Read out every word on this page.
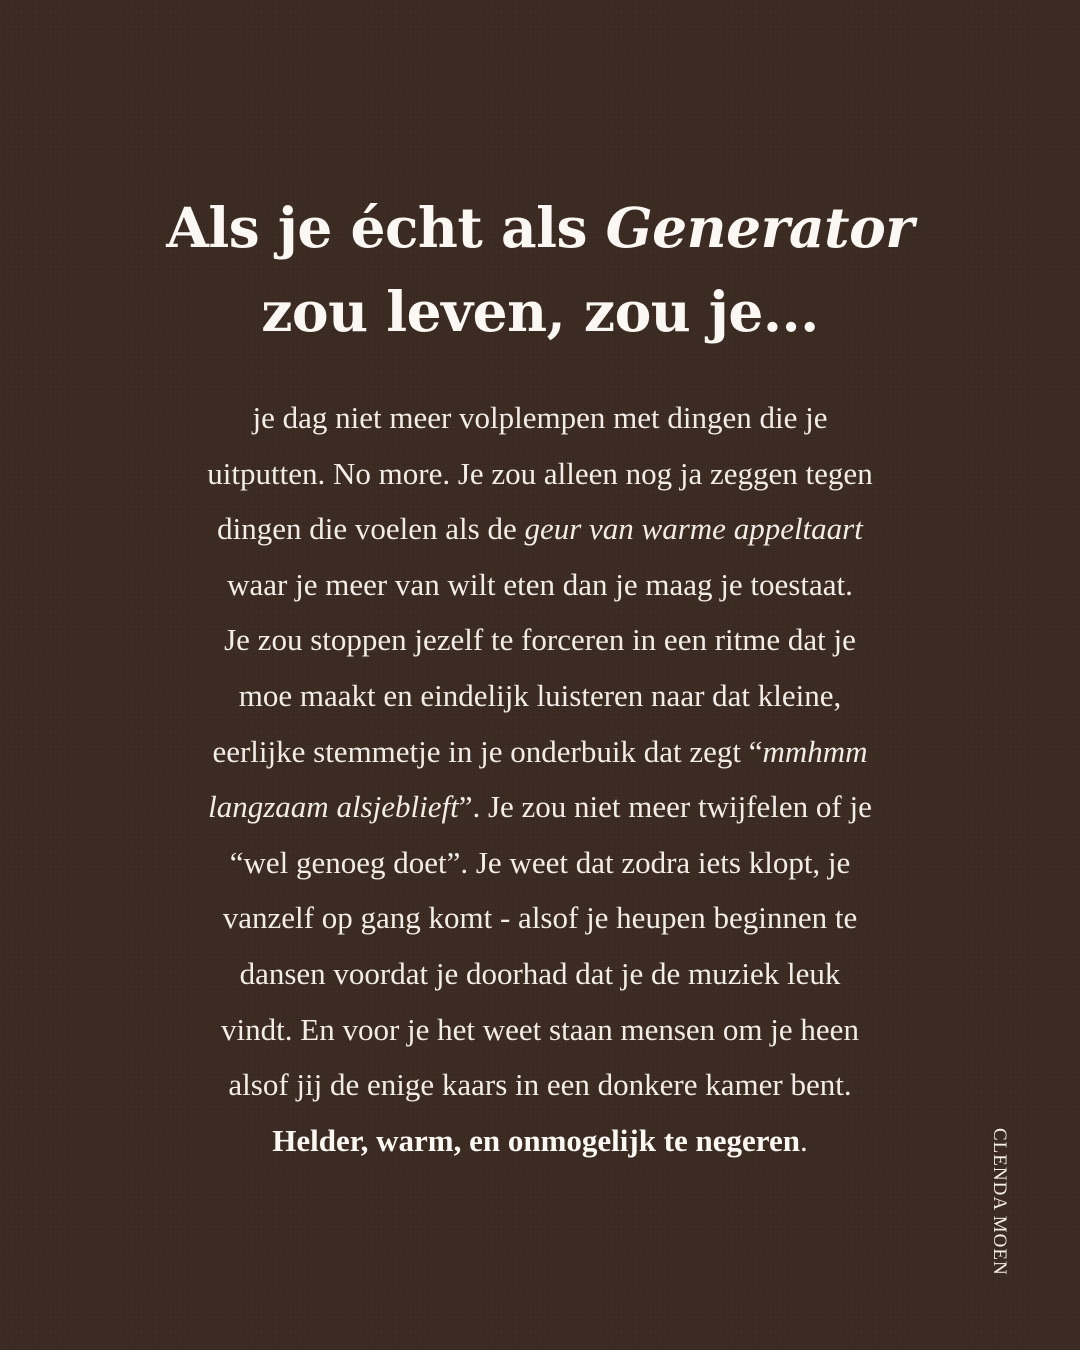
Als je écht als Generator
zou leven, zou je...
je dag niet meer volplempen met dingen die je
uitputten. No more. Je zou alleen nog ja zeggen tegen
dingen die voelen als de geur van warme appeltaart
waar je meer van wilt eten dan je maag je toestaat.
Je zou stoppen jezelf te forceren in een ritme dat je
moe maakt en eindelijk luisteren naar dat kleine,
eerlijke stemmetje in je onderbuik dat zegt “mmhmm
langzaam alsjeblieft”. Je zou niet meer twijfelen of je
“wel genoeg doet”. Je weet dat zodra iets klopt, je
vanzelf op gang komt - alsof je heupen beginnen te
dansen voordat je doorhad dat je de muziek leuk
vindt. En voor je het weet staan mensen om je heen
alsof jij de enige kaars in een donkere kamer bent.
Helder, warm, en onmogelijk te negeren.	CLENDA MOEN
